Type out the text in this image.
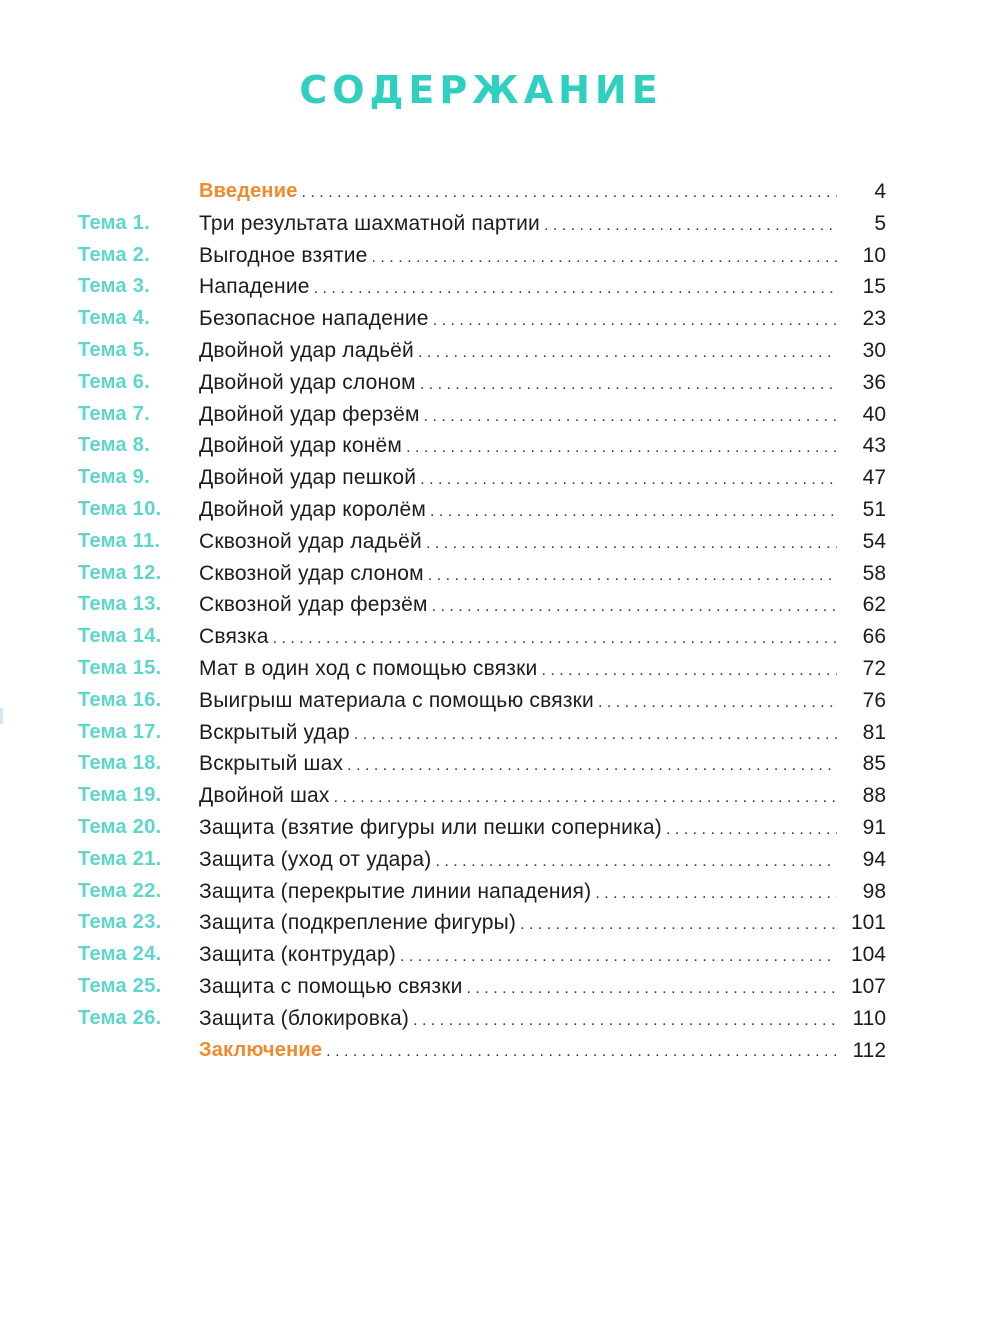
СОДЕРЖАНИЕ
Введение . . .	4
Тема 1. Три результата шахматной партии . . .	5
Тема 2. Выгодное взятие . . .	10
Тема 3. Нападение . . .	15
Тема 4. Безопасное нападение . . .	23
Тема 5. Двойной удар ладьёй . . .	30
Тема 6. Двойной удар слоном . . .	36
Тема 7. Двойной удар ферзём . . .	40
Тема 8. Двойной удар конём . . .	43
Тема 9. Двойной удар пешкой . . .	47
Тема 10. Двойной удар королём . . .	51
Тема 11. Сквозной удар ладьёй . . .	54
Тема 12. Сквозной удар слоном . . .	58
Тема 13. Сквозной удар ферзём . . .	62
Тема 14. Связка . . .	66
Тема 15. Мат в один ход с помощью связки . . .	72
Тема 16. Выигрыш материала с помощью связки . . .	76
Тема 17. Вскрытый удар . . .	81
Тема 18. Вскрытый шах . . .	85
Тема 19. Двойной шах . . .	88
Тема 20. Защита (взятие фигуры или пешки соперника) . . .	91
Тема 21. Защита (уход от удара) . . .	94
Тема 22. Защита (перекрытие линии нападения) . . .	98
Тема 23. Защита (подкрепление фигуры) . . .	101
Тема 24. Защита (контрудар) . . .	104
Тема 25. Защита с помощью связки . . .	107
Тема 26. Защита (блокировка) . . .	110
Заключение . . .	112
